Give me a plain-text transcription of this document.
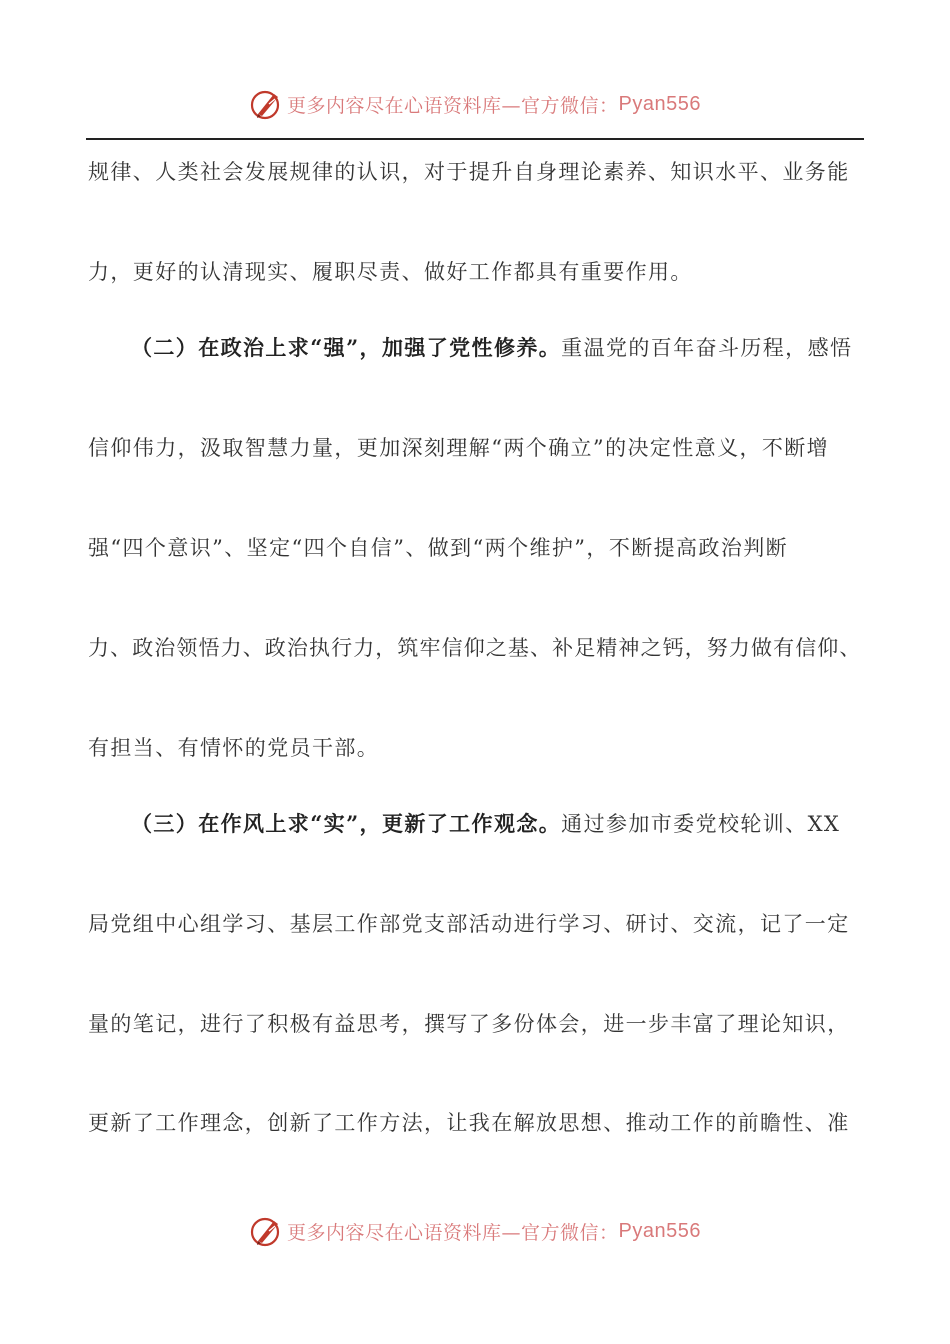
更多内容尽在心语资料库—官方微信： Pyan556
规律、人类社会发展规律的认识，对于提升自身理论素养、知识水平、业务能
力，更好的认清现实、履职尽责、做好工作都具有重要作用。
（二）在政治上求“强”，加强了党性修养。重温党的百年奋斗历程，感悟
信仰伟力，汲取智慧力量，更加深刻理解“两个确立”的决定性意义，不断增
强“四个意识”、坚定“四个自信”、做到“两个维护”，不断提高政治判断
力、政治领悟力、政治执行力，筑牢信仰之基、补足精神之钙，努力做有信仰、
有担当、有情怀的党员干部。
（三）在作风上求“实”，更新了工作观念。通过参加市委党校轮训、XX
局党组中心组学习、基层工作部党支部活动进行学习、研讨、交流，记了一定
量的笔记，进行了积极有益思考，撰写了多份体会，进一步丰富了理论知识，
更新了工作理念，创新了工作方法，让我在解放思想、推动工作的前瞻性、准
更多内容尽在心语资料库—官方微信： Pyan556
